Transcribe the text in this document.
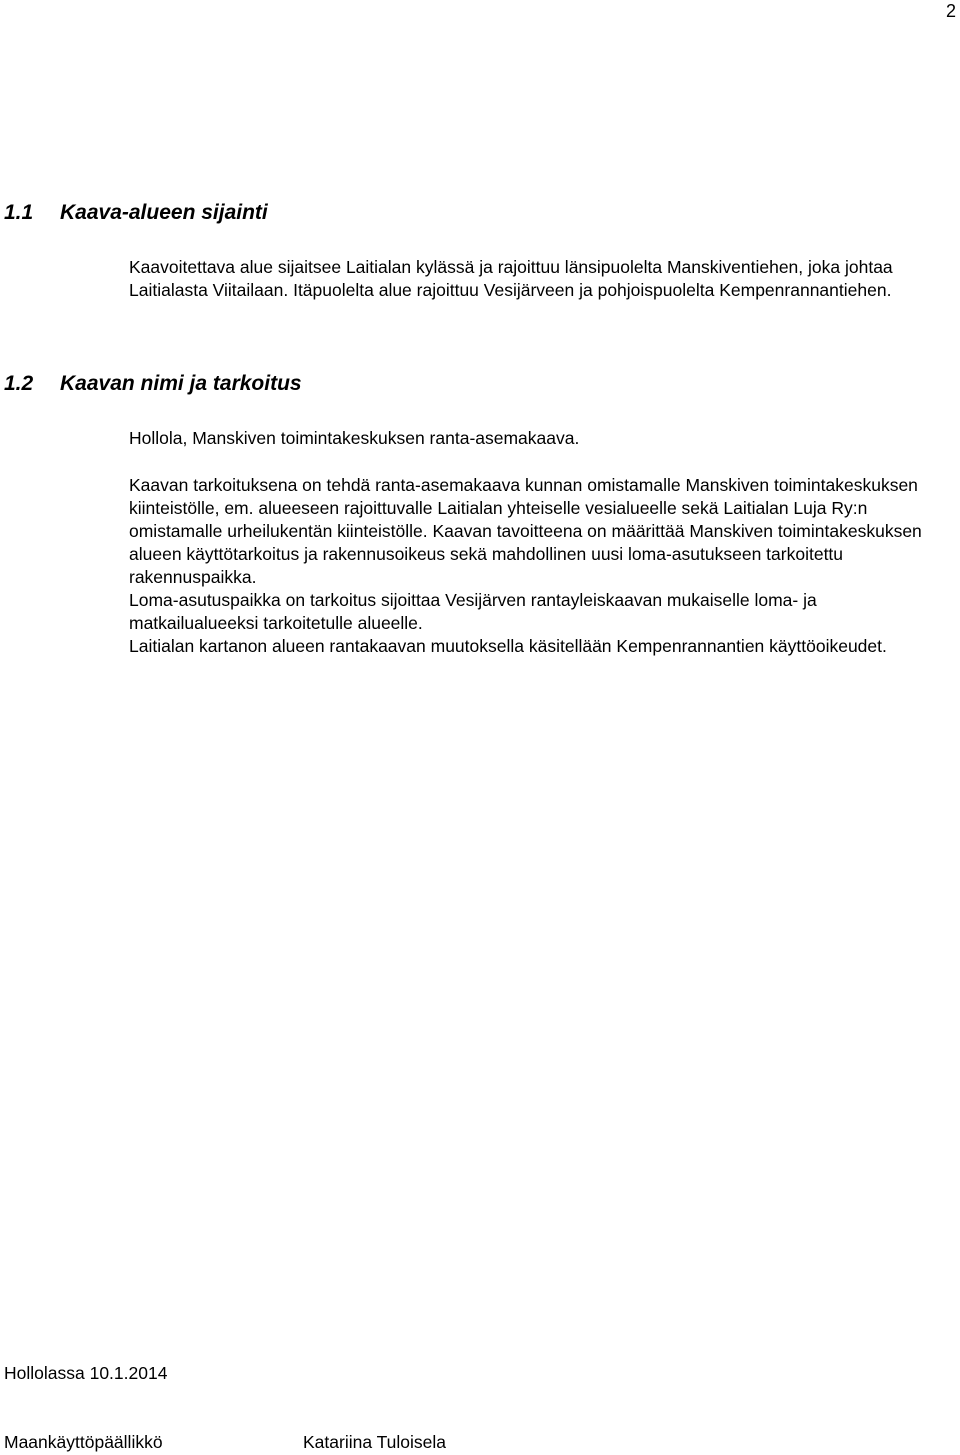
2
1.1 Kaava-alueen sijainti

Kaavoitettava alue sijaitsee Laitialan kylässä ja rajoittuu länsipuolelta Manskiventiehen, joka johtaa Laitialasta Viitailaan. Itäpuolelta alue rajoittuu Vesijärveen ja pohjoispuolelta Kempenrannantiehen.

1.2 Kaavan nimi ja tarkoitus

Hollola, Manskiven toimintakeskuksen ranta-asemakaava.

Kaavan tarkoituksena on tehdä ranta-asemakaava kunnan omistamalle Manskiven toimintakeskuksen kiinteistölle, em. alueeseen rajoittuvalle Laitialan yhteiselle vesialueelle sekä Laitialan Luja Ry:n omistamalle urheilukentän kiinteistölle. Kaavan tavoitteena on määrittää Manskiven toimintakeskuksen alueen käyttötarkoitus ja rakennusoikeus sekä mahdollinen uusi loma-asutukseen tarkoitettu rakennuspaikka.

Loma-asutuspaikka on tarkoitus sijoittaa Vesijärven rantayleiskaavan mukaiselle loma- ja matkailualueeksi tarkoitetulle alueelle.

Laitialan kartanon alueen rantakaavan muutoksella käsitellään Kempenrannantien käyttöoikeudet.

Hollolassa 10.1.2014
Maankäyttöpäällikkö	Katariina Tuloisela
